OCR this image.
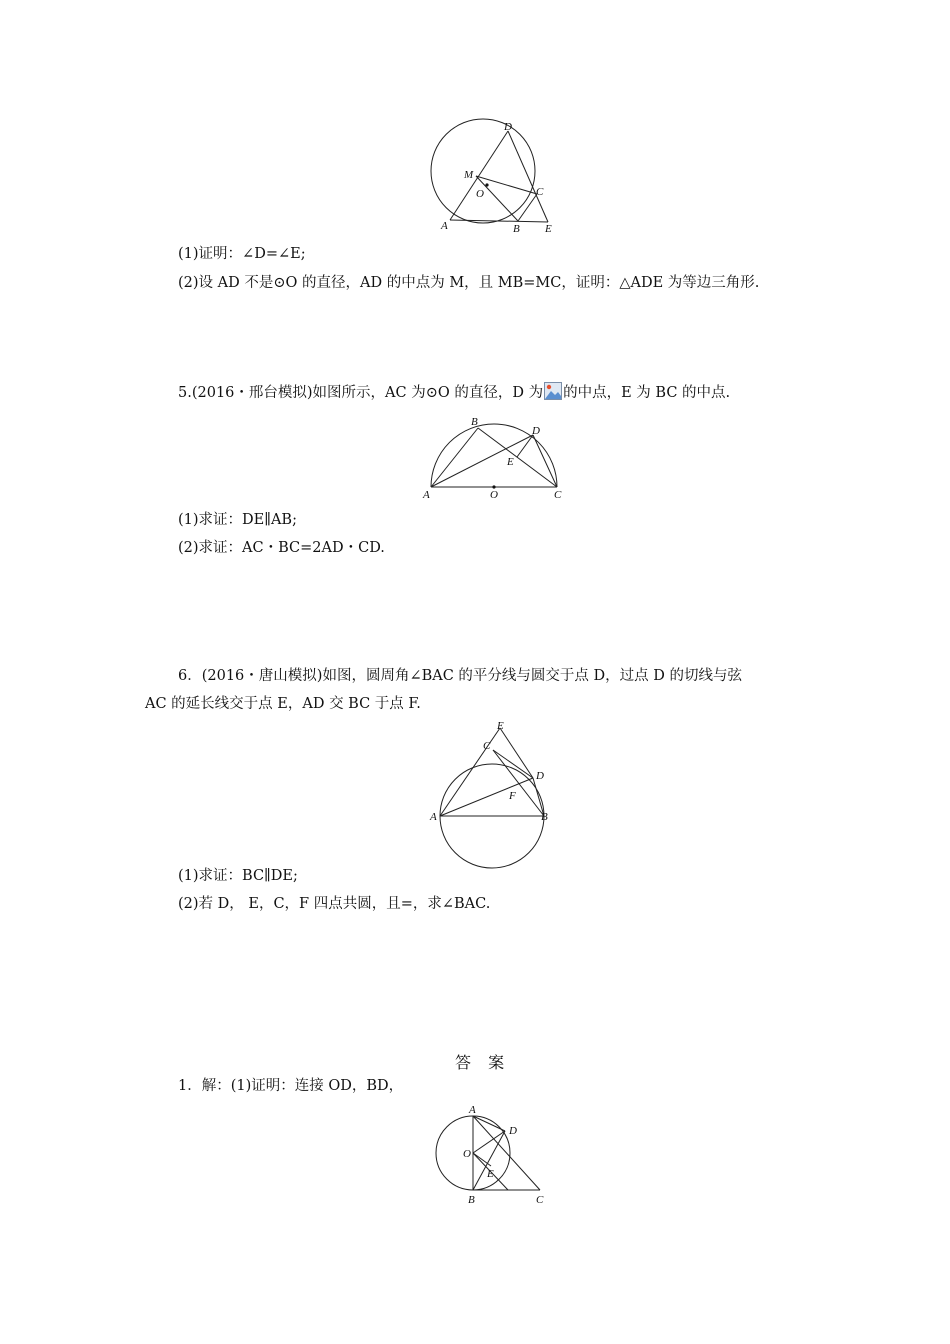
D
M
O	C
A	B E
(1)证明：∠D=∠E;
(2)设 AD 不是⊙O 的直径，AD 的中点为 M，且 MB=MC，证明：△ADE 为等边三角形.
5.(2016・邢台模拟)如图所示，AC 为⊙O 的直径，D 为 的中点，E 为 BC 的中点.
B
D
E
A	O	C
(1)求证：DE∥AB;
(2)求证：AC・BC=2AD・CD.
6．(2016・唐山模拟)如图，圆周角∠BAC 的平分线与圆交于点 D，过点 D 的切线与弦
AC 的延长线交于点 E，AD 交 BC 于点 F.
E
C
D
F
A	B
(1)求证：BC∥DE;
(2)若 D， E，C，F 四点共圆，且=，求∠BAC.
答 案
1．解：(1)证明：连接 OD，BD，
A
D
O
E
B	C
